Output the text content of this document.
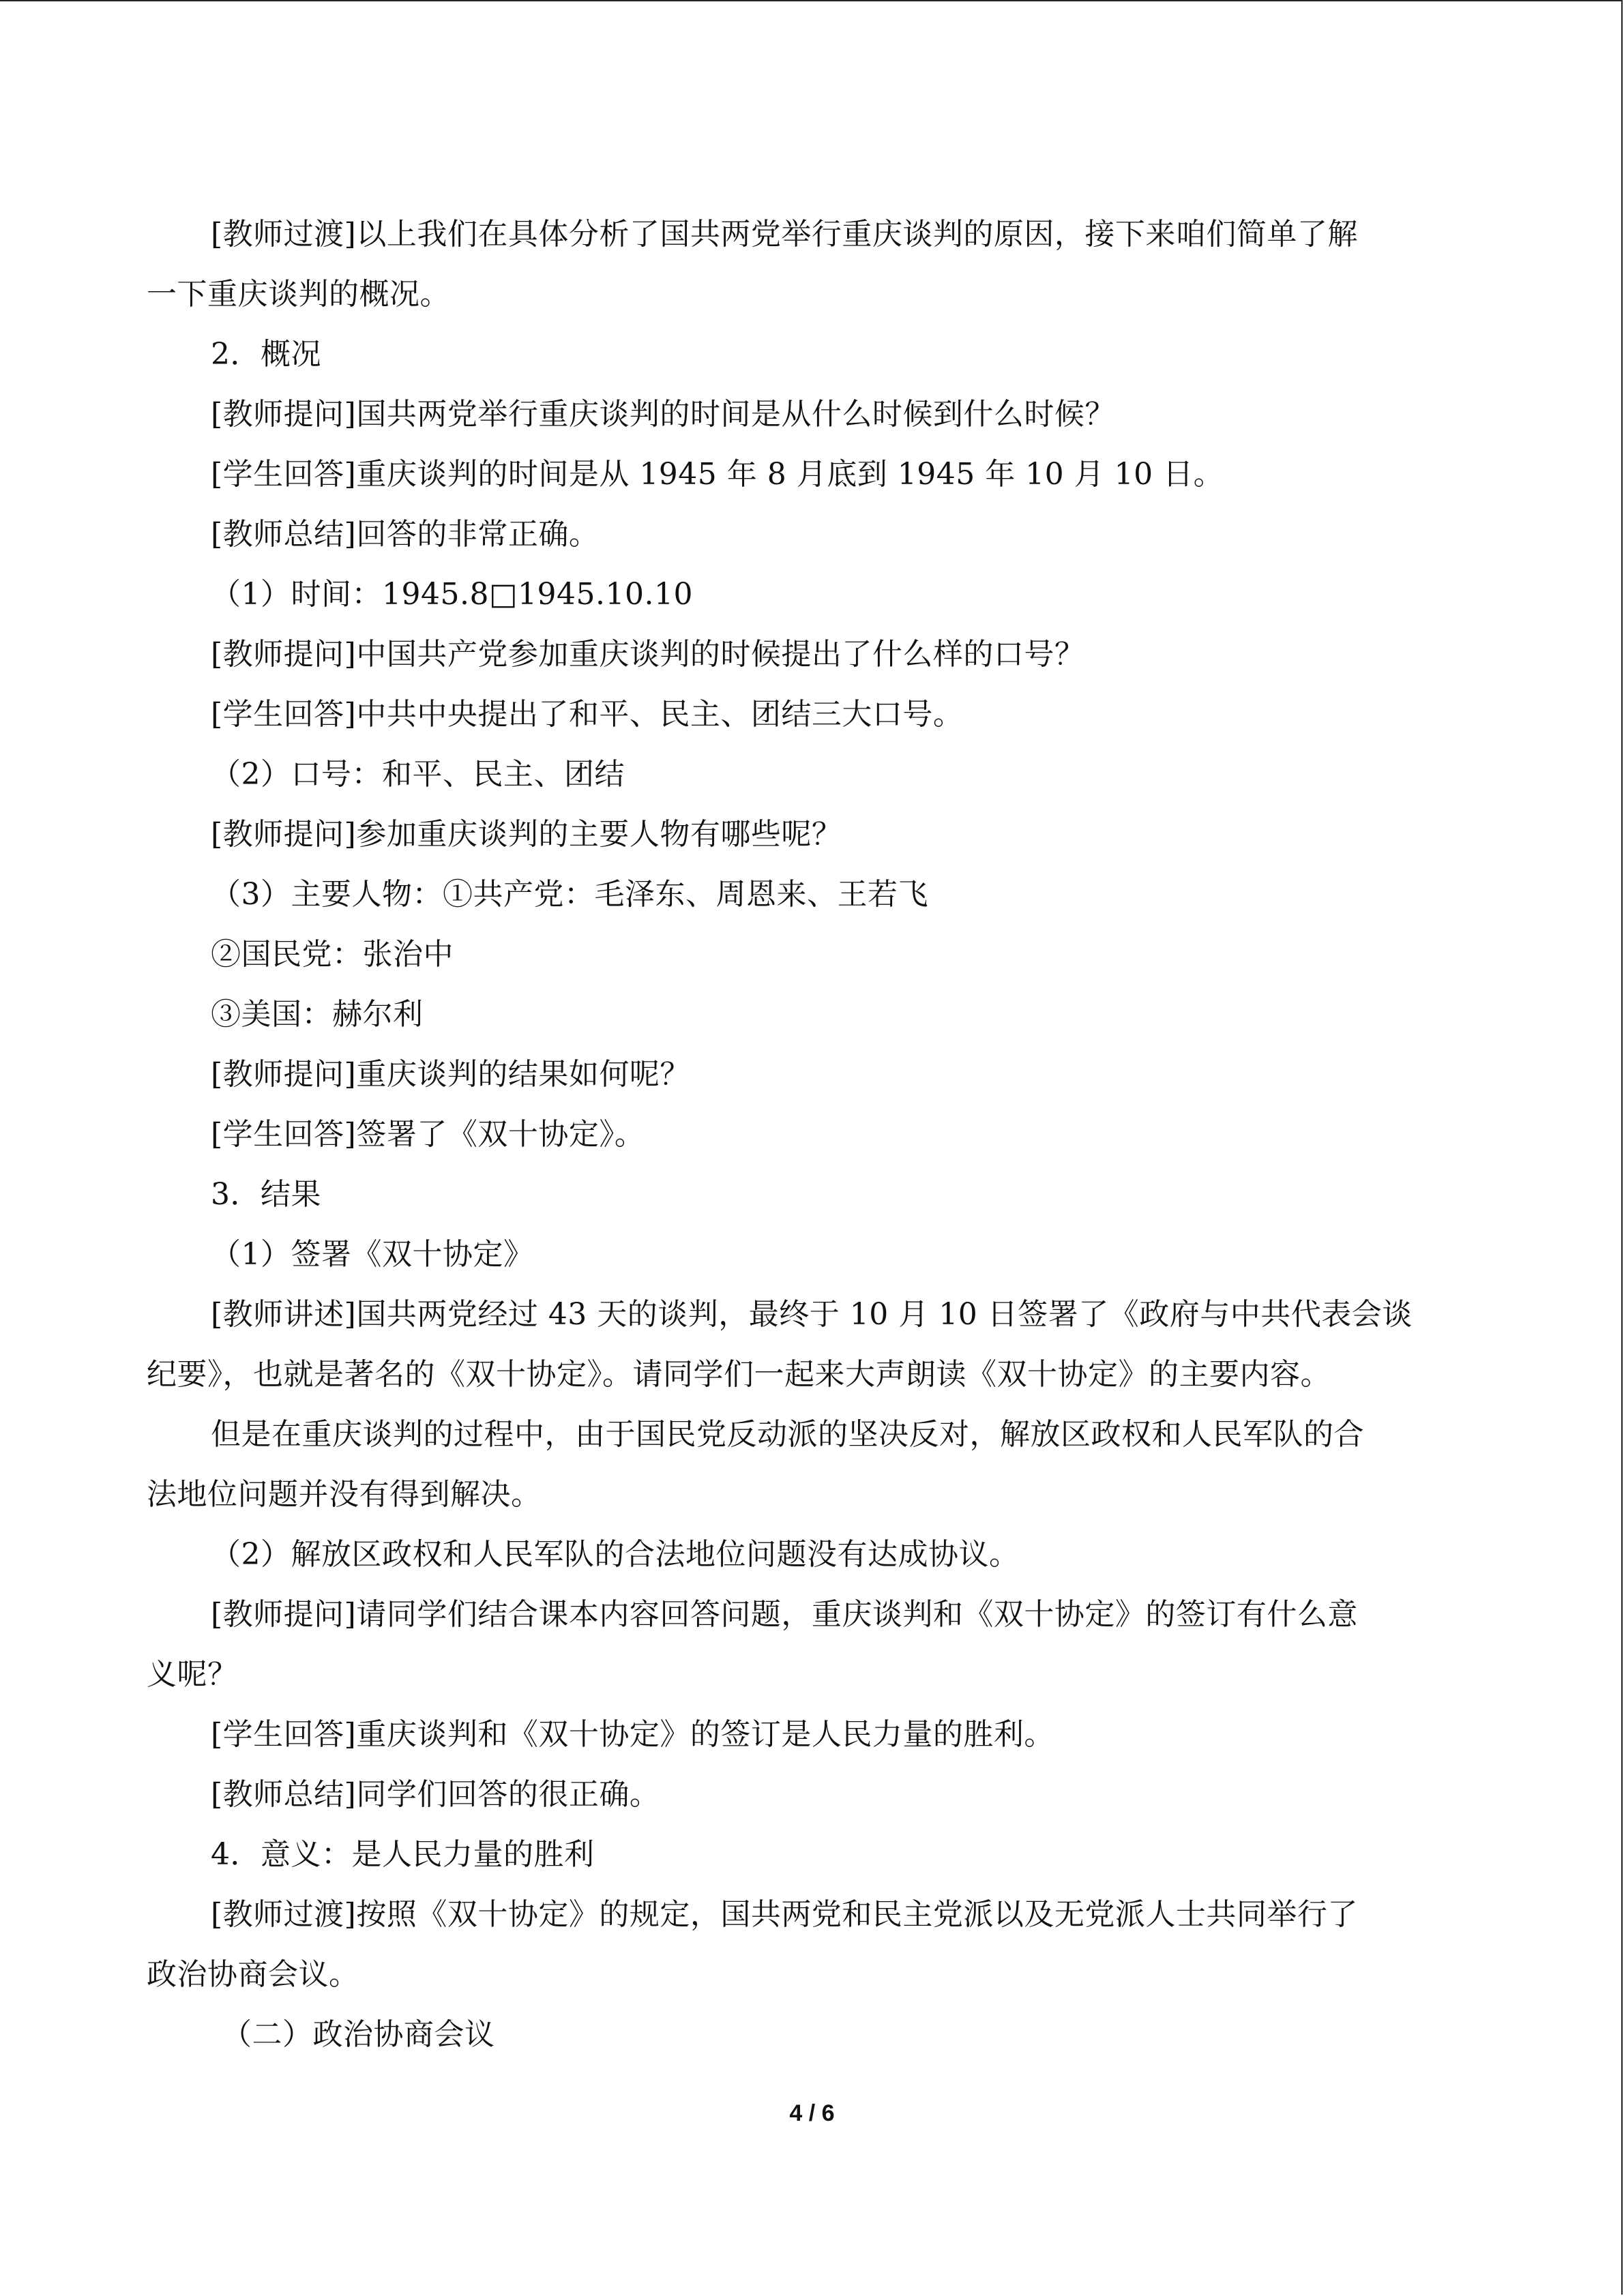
[教师过渡]以上我们在具体分析了国共两党举行重庆谈判的原因，接下来咱们简单了解
一下重庆谈判的概况。
2．概况
[教师提问]国共两党举行重庆谈判的时间是从什么时候到什么时候？
[学生回答]重庆谈判的时间是从 1945 年 8 月底到 1945 年 10 月 10 日。
[教师总结]回答的非常正确。
（1）时间：1945.8□1945.10.10
[教师提问]中国共产党参加重庆谈判的时候提出了什么样的口号？
[学生回答]中共中央提出了和平、民主、团结三大口号。
（2）口号：和平、民主、团结
[教师提问]参加重庆谈判的主要人物有哪些呢？
（3）主要人物：①共产党：毛泽东、周恩来、王若飞
②国民党：张治中
③美国：赫尔利
[教师提问]重庆谈判的结果如何呢？
[学生回答]签署了《双十协定》。
3．结果
（1）签署《双十协定》
[教师讲述]国共两党经过 43 天的谈判，最终于 10 月 10 日签署了《政府与中共代表会谈
纪要》，也就是著名的《双十协定》。请同学们一起来大声朗读《双十协定》的主要内容。
但是在重庆谈判的过程中，由于国民党反动派的坚决反对，解放区政权和人民军队的合
法地位问题并没有得到解决。
（2）解放区政权和人民军队的合法地位问题没有达成协议。
[教师提问]请同学们结合课本内容回答问题，重庆谈判和《双十协定》的签订有什么意
义呢？
[学生回答]重庆谈判和《双十协定》的签订是人民力量的胜利。
[教师总结]同学们回答的很正确。
4．意义：是人民力量的胜利
[教师过渡]按照《双十协定》的规定，国共两党和民主党派以及无党派人士共同举行了
政治协商会议。
（二）政治协商会议
4 / 6
